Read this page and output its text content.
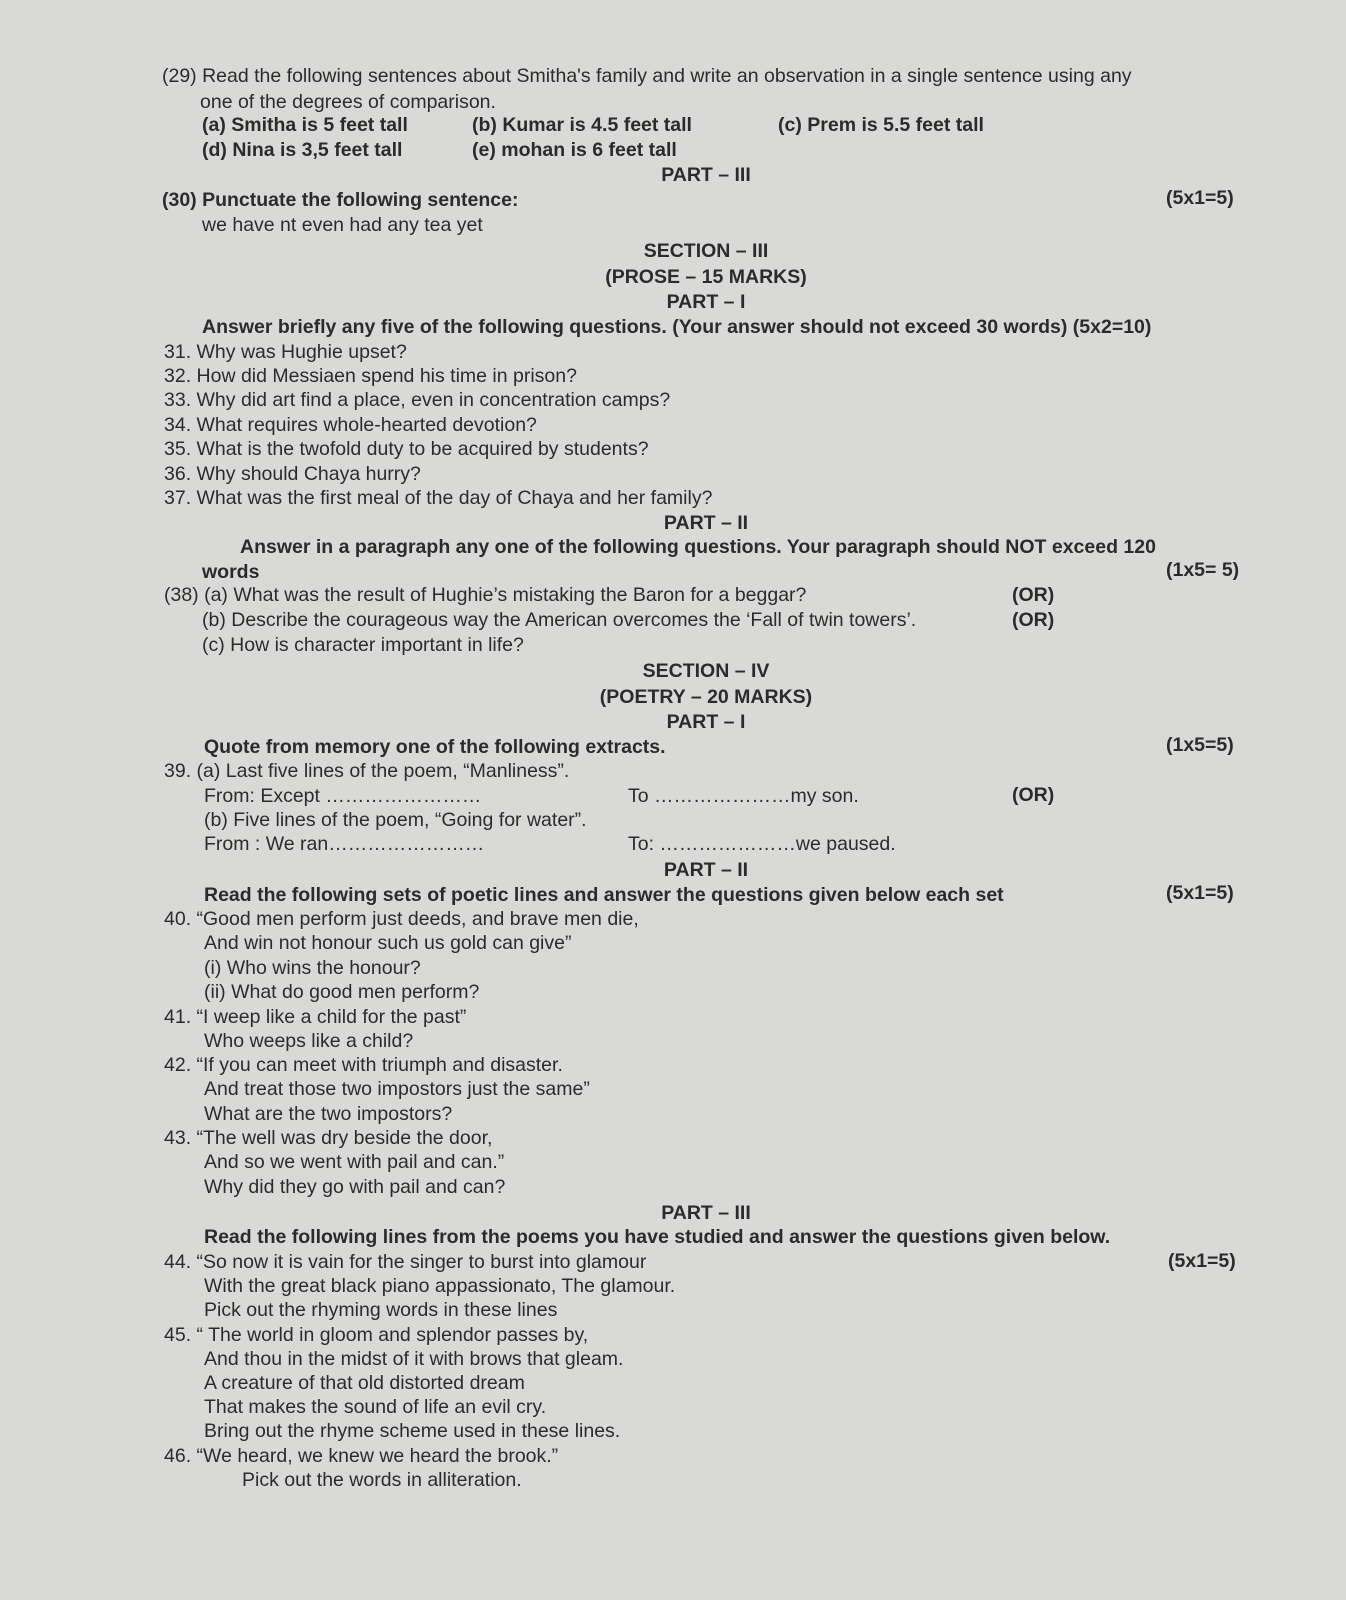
(29) Read the following sentences about Smitha's family and write an observation in a single sentence using any
one of the degrees of comparison.
(a) Smitha is 5 feet tall	(b) Kumar is 4.5 feet tall	(c) Prem is 5.5 feet tall
(d) Nina is 3,5 feet tall	(e) mohan is 6 feet tall
PART – III
(30) Punctuate the following sentence:	(5x1=5)
we have nt even had any tea yet
SECTION – III
(PROSE – 15 MARKS)
PART – I
Answer briefly any five of the following questions. (Your answer should not exceed 30 words) (5x2=10)
31. Why was Hughie upset?
32. How did Messiaen spend his time in prison?
33. Why did art find a place, even in concentration camps?
34. What requires whole-hearted devotion?
35. What is the twofold duty to be acquired by students?
36. Why should Chaya hurry?
37. What was the first meal of the day of Chaya and her family?
PART – II
Answer in a paragraph any one of the following questions. Your paragraph should NOT exceed 120
words	(1x5= 5)
(38) (a) What was the result of Hughie’s mistaking the Baron for a beggar?	(OR)
(b) Describe the courageous way the American overcomes the ‘Fall of twin towers’.	(OR)
(c) How is character important in life?
SECTION – IV
(POETRY – 20 MARKS)
PART – I
Quote from memory one of the following extracts.	(1x5=5)
39. (a) Last five lines of the poem, “Manliness”.
From: Except ……………………	To …………………my son.	(OR)
(b) Five lines of the poem, “Going for water”.
From : We ran……………………	To: …………………we paused.
PART – II
Read the following sets of poetic lines and answer the questions given below each set	(5x1=5)
40. “Good men perform just deeds, and brave men die,
And win not honour such us gold can give”
(i) Who wins the honour?
(ii) What do good men perform?
41. “I weep like a child for the past”
Who weeps like a child?
42. “If you can meet with triumph and disaster.
And treat those two impostors just the same”
What are the two impostors?
43. “The well was dry beside the door,
And so we went with pail and can.”
Why did they go with pail and can?
PART – III
Read the following lines from the poems you have studied and answer the questions given below.
(5x1=5)
44. “So now it is vain for the singer to burst into glamour
With the great black piano appassionato, The glamour.
Pick out the rhyming words in these lines
45. “ The world in gloom and splendor passes by,
And thou in the midst of it with brows that gleam.
A creature of that old distorted dream
That makes the sound of life an evil cry.
Bring out the rhyme scheme used in these lines.
46. “We heard, we knew we heard the brook.”
Pick out the words in alliteration.
